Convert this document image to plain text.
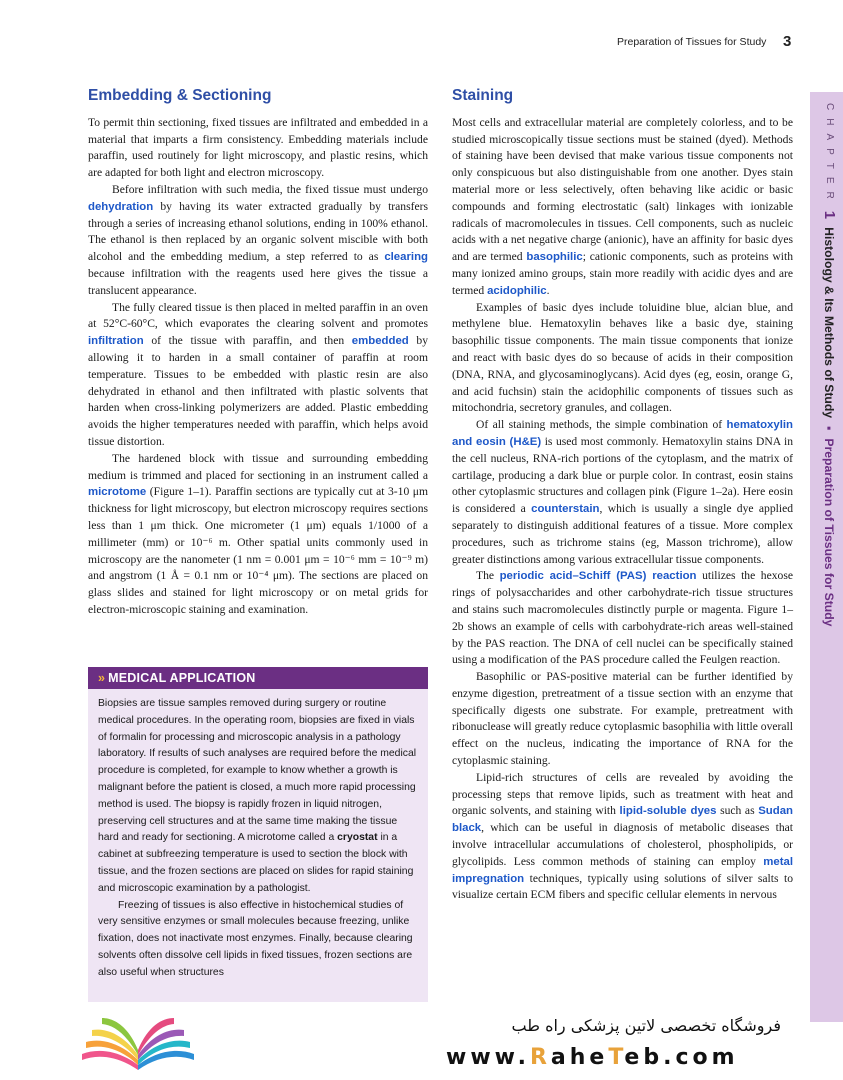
Preparation of Tissues for Study 3
CHAPTER
1
Histology & Its Methods of Study
▪
Preparation of Tissues for Study
Embedding & Sectioning

To permit thin sectioning, fixed tissues are infiltrated and embedded in a material that imparts a firm consistency. Embedding materials include paraffin, used routinely for light microscopy, and plastic resins, which are adapted for both light and electron microscopy.

Before infiltration with such media, the fixed tissue must undergo dehydration by having its water extracted gradually by transfers through a series of increasing ethanol solutions, ending in 100% ethanol. The ethanol is then replaced by an organic solvent miscible with both alcohol and the embedding medium, a step referred to as clearing because infiltration with the reagents used here gives the tissue a translucent appearance.

The fully cleared tissue is then placed in melted paraffin in an oven at 52°C-60°C, which evaporates the clearing solvent and promotes infiltration of the tissue with paraffin, and then embedded by allowing it to harden in a small container of paraffin at room temperature. Tissues to be embedded with plastic resin are also dehydrated in ethanol and then infiltrated with plastic solvents that harden when cross-linking polymerizers are added. Plastic embedding avoids the higher temperatures needed with paraffin, which helps avoid tissue distortion.

The hardened block with tissue and surrounding embedding medium is trimmed and placed for sectioning in an instrument called a microtome (Figure 1–1). Paraffin sections are typically cut at 3-10 μm thickness for light microscopy, but electron microscopy requires sections less than 1 μm thick. One micrometer (1 μm) equals 1/1000 of a millimeter (mm) or 10⁻⁶ m. Other spatial units commonly used in microscopy are the nanometer (1 nm = 0.001 μm = 10⁻⁶ mm = 10⁻⁹ m) and angstrom (1 Å = 0.1 nm or 10⁻⁴ μm). The sections are placed on glass slides and stained for light microscopy or on metal grids for electron-microscopic staining and examination.

» MEDICAL APPLICATION

Biopsies are tissue samples removed during surgery or routine medical procedures. In the operating room, biopsies are fixed in vials of formalin for processing and microscopic analysis in a pathology laboratory. If results of such analyses are required before the medical procedure is completed, for example to know whether a growth is malignant before the patient is closed, a much more rapid processing method is used. The biopsy is rapidly frozen in liquid nitrogen, preserving cell structures and at the same time making the tissue hard and ready for sectioning. A microtome called a cryostat in a cabinet at subfreezing temperature is used to section the block with tissue, and the frozen sections are placed on slides for rapid staining and microscopic examination by a pathologist.

Freezing of tissues is also effective in histochemical studies of very sensitive enzymes or small molecules because freezing, unlike fixation, does not inactivate most enzymes. Finally, because clearing solvents often dissolve cell lipids in fixed tissues, frozen sections are also useful when structures

Staining

Most cells and extracellular material are completely colorless, and to be studied microscopically tissue sections must be stained (dyed). Methods of staining have been devised that make various tissue components not only conspicuous but also distinguishable from one another. Dyes stain material more or less selectively, often behaving like acidic or basic compounds and forming electrostatic (salt) linkages with ionizable radicals of macromolecules in tissues. Cell components, such as nucleic acids with a net negative charge (anionic), have an affinity for basic dyes and are termed basophilic; cationic components, such as proteins with many ionized amino groups, stain more readily with acidic dyes and are termed acidophilic.

Examples of basic dyes include toluidine blue, alcian blue, and methylene blue. Hematoxylin behaves like a basic dye, staining basophilic tissue components. The main tissue components that ionize and react with basic dyes do so because of acids in their composition (DNA, RNA, and glycosaminoglycans). Acid dyes (eg, eosin, orange G, and acid fuchsin) stain the acidophilic components of tissues such as mitochondria, secretory granules, and collagen.

Of all staining methods, the simple combination of hematoxylin and eosin (H&E) is used most commonly. Hematoxylin stains DNA in the cell nucleus, RNA-rich portions of the cytoplasm, and the matrix of cartilage, producing a dark blue or purple color. In contrast, eosin stains other cytoplasmic structures and collagen pink (Figure 1–2a). Here eosin is considered a counterstain, which is usually a single dye applied separately to distinguish additional features of a tissue. More complex procedures, such as trichrome stains (eg, Masson trichrome), allow greater distinctions among various extracellular tissue components.

The periodic acid–Schiff (PAS) reaction utilizes the hexose rings of polysaccharides and other carbohydrate-rich tissue structures and stains such macromolecules distinctly purple or magenta. Figure 1–2b shows an example of cells with carbohydrate-rich areas well-stained by the PAS reaction. The DNA of cell nuclei can be specifically stained using a modification of the PAS procedure called the Feulgen reaction.

Basophilic or PAS-positive material can be further identified by enzyme digestion, pretreatment of a tissue section with an enzyme that specifically digests one substrate. For example, pretreatment with ribonuclease will greatly reduce cytoplasmic basophilia with little overall effect on the nucleus, indicating the importance of RNA for the cytoplasmic staining.

Lipid-rich structures of cells are revealed by avoiding the processing steps that remove lipids, such as treatment with heat and organic solvents, and staining with lipid-soluble dyes such as Sudan black, which can be useful in diagnosis of metabolic diseases that involve intracellular accumulations of cholesterol, phospholipids, or glycolipids. Less common methods of staining can employ metal impregnation techniques, typically using solutions of silver salts to visualize certain ECM fibers and specific cellular elements in nervous

فروشگاه تخصصی لاتین پزشکی راه طب
www.RaheTeb.com
